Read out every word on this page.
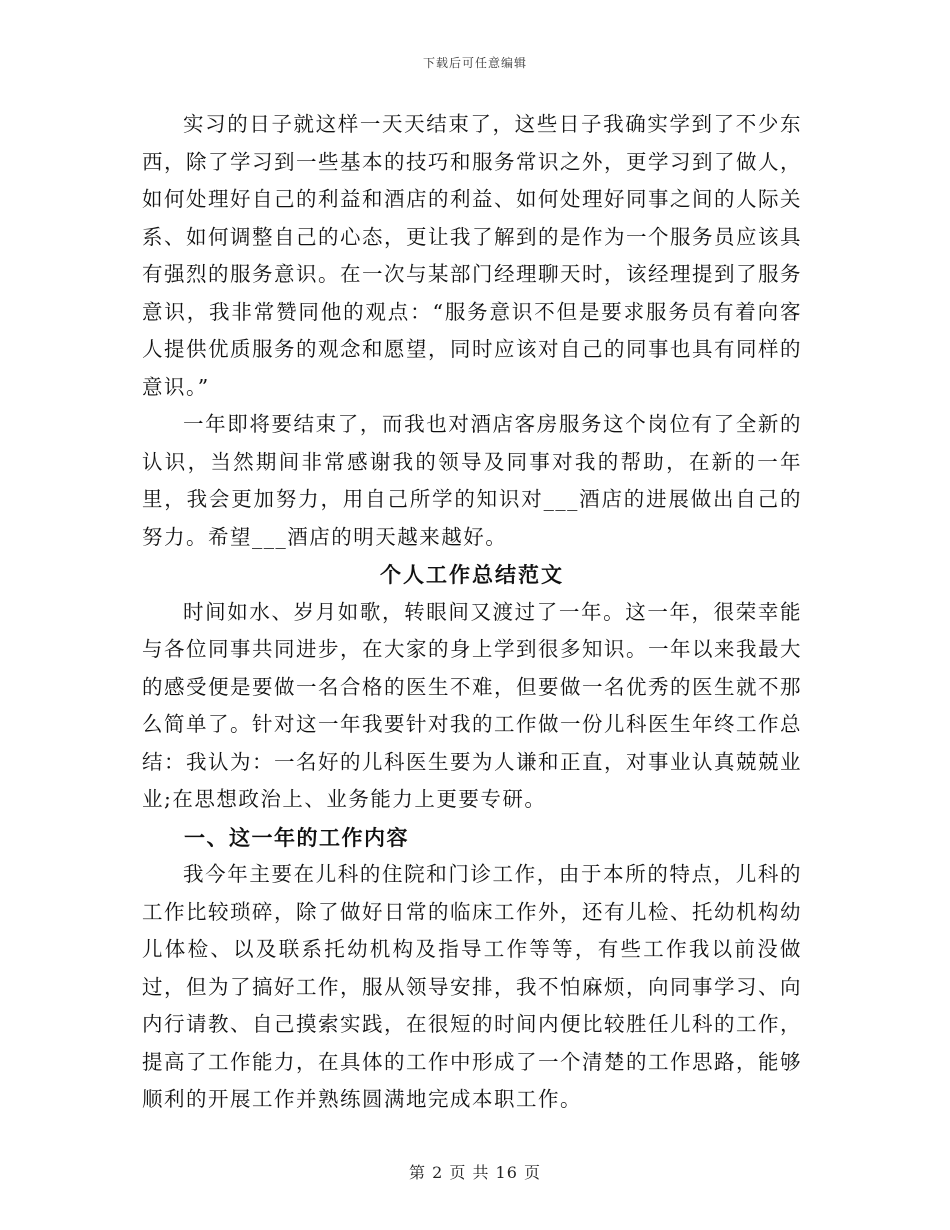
下载后可任意编辑

实习的日子就这样一天天结束了，这些日子我确实学到了不少东西，除了学习到一些基本的技巧和服务常识之外，更学习到了做人，如何处理好自己的利益和酒店的利益、如何处理好同事之间的人际关系、如何调整自己的心态，更让我了解到的是作为一个服务员应该具有强烈的服务意识。在一次与某部门经理聊天时，该经理提到了服务意识，我非常赞同他的观点：“服务意识不但是要求服务员有着向客人提供优质服务的观念和愿望，同时应该对自己的同事也具有同样的意识。”

一年即将要结束了，而我也对酒店客房服务这个岗位有了全新的认识，当然期间非常感谢我的领导及同事对我的帮助，在新的一年里，我会更加努力，用自己所学的知识对___酒店的进展做出自己的努力。希望___酒店的明天越来越好。

个人工作总结范文

时间如水、岁月如歌，转眼间又渡过了一年。这一年，很荣幸能与各位同事共同进步，在大家的身上学到很多知识。一年以来我最大的感受便是要做一名合格的医生不难，但要做一名优秀的医生就不那么简单了。针对这一年我要针对我的工作做一份儿科医生年终工作总结：我认为：一名好的儿科医生要为人谦和正直，对事业认真兢兢业业;在思想政治上、业务能力上更要专研。

一、这一年的工作内容

我今年主要在儿科的住院和门诊工作，由于本所的特点，儿科的工作比较琐碎，除了做好日常的临床工作外，还有儿检、托幼机构幼儿体检、以及联系托幼机构及指导工作等等，有些工作我以前没做过，但为了搞好工作，服从领导安排，我不怕麻烦，向同事学习、向内行请教、自己摸索实践，在很短的时间内便比较胜任儿科的工作，提高了工作能力，在具体的工作中形成了一个清楚的工作思路，能够顺利的开展工作并熟练圆满地完成本职工作。

第 2 页 共 16 页
